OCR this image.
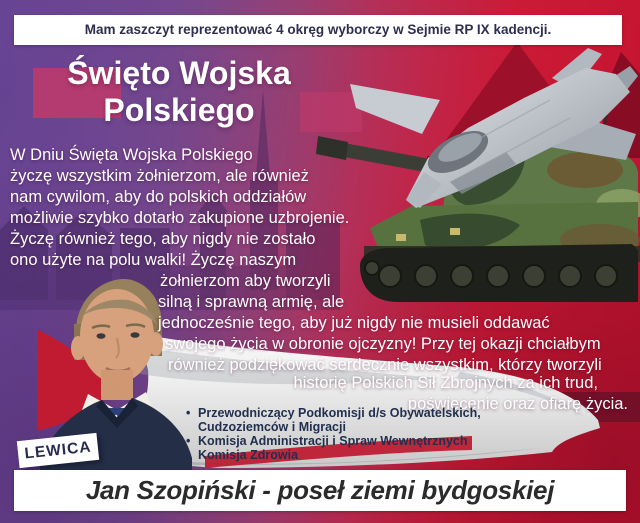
Mam zaszczyt reprezentować 4 okręg wyborczy w Sejmie RP IX kadencji.
Święto Wojska
Polskiego
W Dniu Święta Wojska Polskiego
życzę wszystkim żołnierzom, ale również
nam cywilom, aby do polskich oddziałów
możliwie szybko dotarło zakupione uzbrojenie.
Życzę również tego, aby nigdy nie zostało
ono użyte na polu walki! Życzę naszym
żołnierzom aby tworzyli
silną i sprawną armię, ale
jednocześnie tego, aby już nigdy nie musieli oddawać
swojego życia w obronie ojczyzny! Przy tej okazji chciałbym
również podziękować serdecznie wszystkim, którzy tworzyli
historię Polskich Sił Zbrojnych za ich trud,
poświęcenie oraz ofiarę życia.
• Przewodniczący Podkomisji d/s Obywatelskich, Cudzoziemców i Migracji
• Komisja Administracji i Spraw Wewnętrznych
• Komisja Zdrowia
LEWICA
Jan Szopiński - poseł ziemi bydgoskiej
